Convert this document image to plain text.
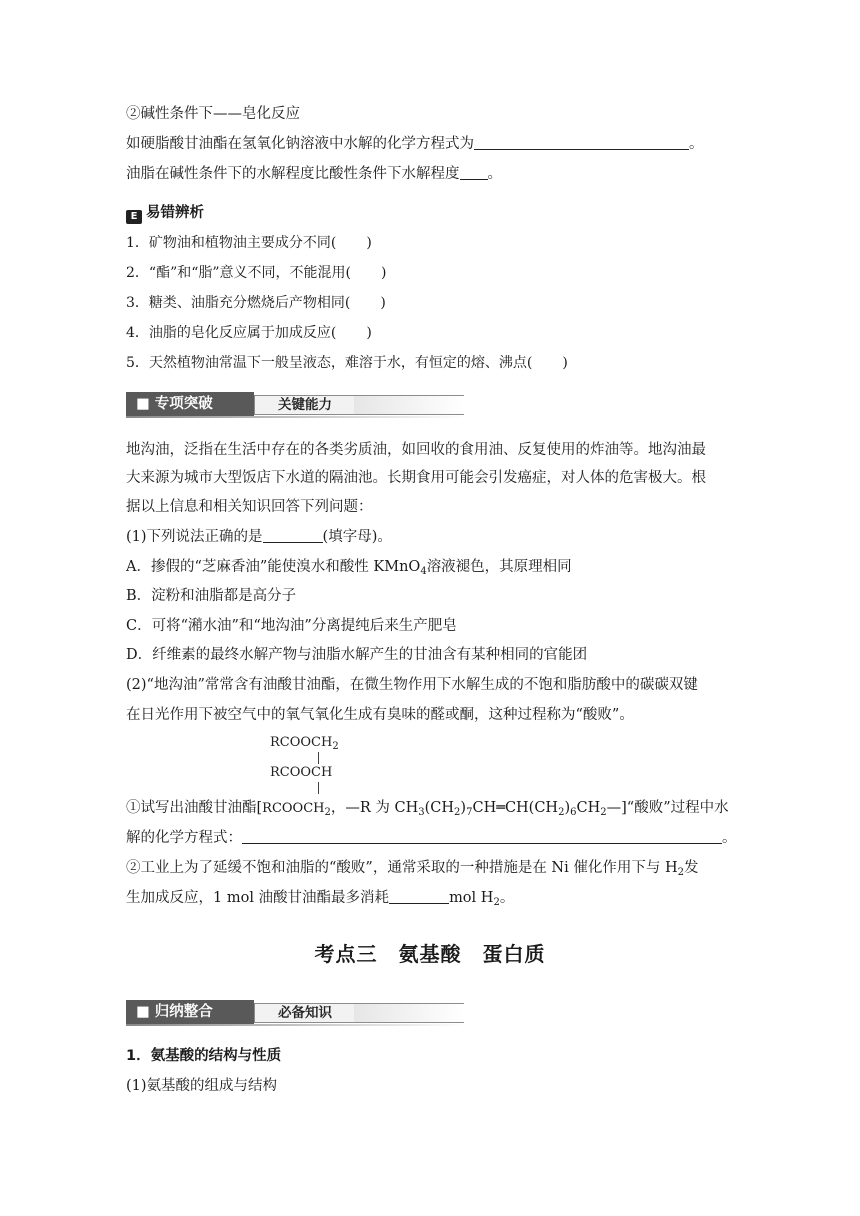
②碱性条件下——皂化反应
如硬脂酸甘油酯在氢氧化钠溶液中水解的化学方程式为	。
油脂在碱性条件下的水解程度比酸性条件下水解程度 。
E 易错辨析
1．矿物油和植物油主要成分不同( )
2．“酯”和“脂”意义不同，不能混用( )
3．糖类、油脂充分燃烧后产物相同( )
4．油脂的皂化反应属于加成反应( )
5．天然植物油常温下一般呈液态，难溶于水，有恒定的熔、沸点( )
■ 专项突破	关键能力
地沟油，泛指在生活中存在的各类劣质油，如回收的食用油、反复使用的炸油等。地沟油最
大来源为城市大型饭店下水道的隔油池。长期食用可能会引发癌症，对人体的危害极大。根
据以上信息和相关知识回答下列问题：
(1)下列说法正确的是	(填字母)。
A．掺假的“芝麻香油”能使溴水和酸性 KMnO$_4$溶液褪色，其原理相同
B．淀粉和油脂都是高分子
C．可将“潲水油”和“地沟油”分离提纯后来生产肥皂
D．纤维素的最终水解产物与油脂水解产生的甘油含有某种相同的官能团
(2)“地沟油”常常含有油酸甘油酯，在微生物作用下水解生成的不饱和脂肪酸中的碳碳双键
在日光作用下被空气中的氧气氧化生成有臭味的醛或酮，这种过程称为“酸败”。
$RCOOCH_2$
RCOOCH
①试写出油酸甘油酯[$RCOOCH_2$，—R 为 $CH_3(CH_2)_7CH═CH(CH_2)_6CH_2—]“$酸败”过程中水
解的化学方程式：	。
②工业上为了延缓不饱和油脂的“酸败”，通常采取的一种措施是在 Ni 催化作用下与 $H_2$发
生加成反应，1 mol 油酸甘油酯最多消耗	mol $H_2$。
考点三　氨基酸　蛋白质
■ 归纳整合	必备知识
1．氨基酸的结构与性质
(1)氨基酸的组成与结构
